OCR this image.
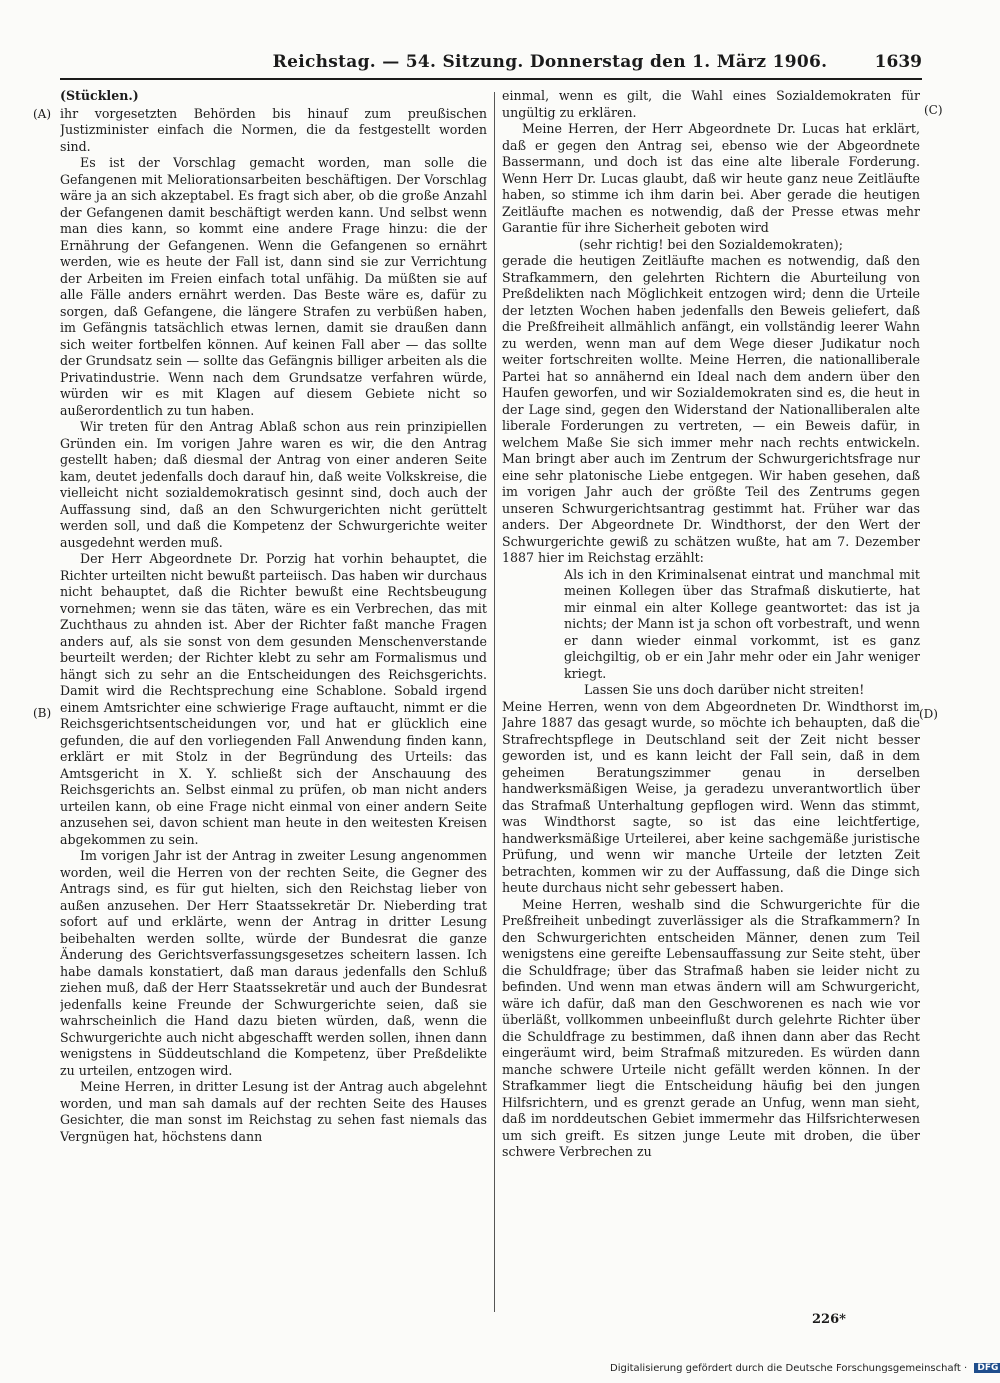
Reichstag. — 54. Sitzung. Donnerstag den 1. März 1906.	1639
(A)
(B)
(C)
(D)
(Stücklen.)

ihr vorgesetzten Behörden bis hinauf zum preußischen Justizminister einfach die Normen, die da festgestellt worden sind.

Es ist der Vorschlag gemacht worden, man solle die Gefangenen mit Meliorationsarbeiten beschäftigen. Der Vorschlag wäre ja an sich akzeptabel. Es fragt sich aber, ob die große Anzahl der Gefangenen damit beschäftigt werden kann. Und selbst wenn man dies kann, so kommt eine andere Frage hinzu: die der Ernährung der Gefangenen. Wenn die Gefangenen so ernährt werden, wie es heute der Fall ist, dann sind sie zur Verrichtung der Arbeiten im Freien einfach total unfähig. Da müßten sie auf alle Fälle anders ernährt werden. Das Beste wäre es, dafür zu sorgen, daß Gefangene, die längere Strafen zu verbüßen haben, im Gefängnis tatsächlich etwas lernen, damit sie draußen dann sich weiter fortbelfen können. Auf keinen Fall aber — das sollte der Grundsatz sein — sollte das Gefängnis billiger arbeiten als die Privatindustrie. Wenn nach dem Grundsatze verfahren würde, würden wir es mit Klagen auf diesem Gebiete nicht so außerordentlich zu tun haben.

Wir treten für den Antrag Ablaß schon aus rein prinzipiellen Gründen ein. Im vorigen Jahre waren es wir, die den Antrag gestellt haben; daß diesmal der Antrag von einer anderen Seite kam, deutet jedenfalls doch darauf hin, daß weite Volkskreise, die vielleicht nicht sozialdemokratisch gesinnt sind, doch auch der Auffassung sind, daß an den Schwurgerichten nicht gerüttelt werden soll, und daß die Kompetenz der Schwurgerichte weiter ausgedehnt werden muß.

Der Herr Abgeordnete Dr. Porzig hat vorhin behauptet, die Richter urteilten nicht bewußt parteiisch. Das haben wir durchaus nicht behauptet, daß die Richter bewußt eine Rechtsbeugung vornehmen; wenn sie das täten, wäre es ein Verbrechen, das mit Zuchthaus zu ahnden ist. Aber der Richter faßt manche Fragen anders auf, als sie sonst von dem gesunden Menschenverstande beurteilt werden; der Richter klebt zu sehr am Formalismus und hängt sich zu sehr an die Entscheidungen des Reichsgerichts. Damit wird die Rechtsprechung eine Schablone. Sobald irgend einem Amtsrichter eine schwierige Frage auftaucht, nimmt er die Reichsgerichtsentscheidungen vor, und hat er glücklich eine gefunden, die auf den vorliegenden Fall Anwendung finden kann, erklärt er mit Stolz in der Begründung des Urteils: das Amtsgericht in X. Y. schließt sich der Anschauung des Reichsgerichts an. Selbst einmal zu prüfen, ob man nicht anders urteilen kann, ob eine Frage nicht einmal von einer andern Seite anzusehen sei, davon schient man heute in den weitesten Kreisen abgekommen zu sein.

Im vorigen Jahr ist der Antrag in zweiter Lesung angenommen worden, weil die Herren von der rechten Seite, die Gegner des Antrags sind, es für gut hielten, sich den Reichstag lieber von außen anzusehen. Der Herr Staatssekretär Dr. Nieberding trat sofort auf und erklärte, wenn der Antrag in dritter Lesung beibehalten werden sollte, würde der Bundesrat die ganze Änderung des Gerichtsverfassungsgesetzes scheitern lassen. Ich habe damals konstatiert, daß man daraus jedenfalls den Schluß ziehen muß, daß der Herr Staatssekretär und auch der Bundesrat jedenfalls keine Freunde der Schwurgerichte seien, daß sie wahrscheinlich die Hand dazu bieten würden, daß, wenn die Schwurgerichte auch nicht abgeschafft werden sollen, ihnen dann wenigstens in Süddeutschland die Kompetenz, über Preßdelikte zu urteilen, entzogen wird.

Meine Herren, in dritter Lesung ist der Antrag auch abgelehnt worden, und man sah damals auf der rechten Seite des Hauses Gesichter, die man sonst im Reichstag zu sehen fast niemals das Vergnügen hat, höchstens dann

einmal, wenn es gilt, die Wahl eines Sozialdemokraten für ungültig zu erklären.

Meine Herren, der Herr Abgeordnete Dr. Lucas hat erklärt, daß er gegen den Antrag sei, ebenso wie der Abgeordnete Bassermann, und doch ist das eine alte liberale Forderung. Wenn Herr Dr. Lucas glaubt, daß wir heute ganz neue Zeitläufte haben, so stimme ich ihm darin bei. Aber gerade die heutigen Zeitläufte machen es notwendig, daß der Presse etwas mehr Garantie für ihre Sicherheit geboten wird

(sehr richtig! bei den Sozialdemokraten);

gerade die heutigen Zeitläufte machen es notwendig, daß den Strafkammern, den gelehrten Richtern die Aburteilung von Preßdelikten nach Möglichkeit entzogen wird; denn die Urteile der letzten Wochen haben jedenfalls den Beweis geliefert, daß die Preßfreiheit allmählich anfängt, ein vollständig leerer Wahn zu werden, wenn man auf dem Wege dieser Judikatur noch weiter fortschreiten wollte. Meine Herren, die nationalliberale Partei hat so annähernd ein Ideal nach dem andern über den Haufen geworfen, und wir Sozialdemokraten sind es, die heut in der Lage sind, gegen den Widerstand der Nationalliberalen alte liberale Forderungen zu vertreten, — ein Beweis dafür, in welchem Maße Sie sich immer mehr nach rechts entwickeln. Man bringt aber auch im Zentrum der Schwurgerichtsfrage nur eine sehr platonische Liebe entgegen. Wir haben gesehen, daß im vorigen Jahr auch der größte Teil des Zentrums gegen unseren Schwurgerichtsantrag gestimmt hat. Früher war das anders. Der Abgeordnete Dr. Windthorst, der den Wert der Schwurgerichte gewiß zu schätzen wußte, hat am 7. Dezember 1887 hier im Reichstag erzählt:

Als ich in den Kriminalsenat eintrat und manchmal mit meinen Kollegen über das Strafmaß diskutierte, hat mir einmal ein alter Kollege geantwortet: das ist ja nichts; der Mann ist ja schon oft vorbestraft, und wenn er dann wieder einmal vorkommt, ist es ganz gleichgiltig, ob er ein Jahr mehr oder ein Jahr weniger kriegt.

Lassen Sie uns doch darüber nicht streiten!

Meine Herren, wenn von dem Abgeordneten Dr. Windthorst im Jahre 1887 das gesagt wurde, so möchte ich behaupten, daß die Strafrechtspflege in Deutschland seit der Zeit nicht besser geworden ist, und es kann leicht der Fall sein, daß in dem geheimen Beratungszimmer genau in derselben handwerksmäßigen Weise, ja geradezu unverantwortlich über das Strafmaß Unterhaltung gepflogen wird. Wenn das stimmt, was Windthorst sagte, so ist das eine leichtfertige, handwerksmäßige Urteilerei, aber keine sachgemäße juristische Prüfung, und wenn wir manche Urteile der letzten Zeit betrachten, kommen wir zu der Auffassung, daß die Dinge sich heute durchaus nicht sehr gebessert haben.

Meine Herren, weshalb sind die Schwurgerichte für die Preßfreiheit unbedingt zuverlässiger als die Strafkammern? In den Schwurgerichten entscheiden Männer, denen zum Teil wenigstens eine gereifte Lebensauffassung zur Seite steht, über die Schuldfrage; über das Strafmaß haben sie leider nicht zu befinden. Und wenn man etwas ändern will am Schwurgericht, wäre ich dafür, daß man den Geschworenen es nach wie vor überläßt, vollkommen unbeeinflußt durch gelehrte Richter über die Schuldfrage zu bestimmen, daß ihnen dann aber das Recht eingeräumt wird, beim Strafmaß mitzureden. Es würden dann manche schwere Urteile nicht gefällt werden können. In der Strafkammer liegt die Entscheidung häufig bei den jungen Hilfsrichtern, und es grenzt gerade an Unfug, wenn man sieht, daß im norddeutschen Gebiet immermehr das Hilfsrichterwesen um sich greift. Es sitzen junge Leute mit droben, die über schwere Verbrechen zu

226*
Digitalisierung gefördert durch die Deutsche Forschungsgemeinschaft · DFG
